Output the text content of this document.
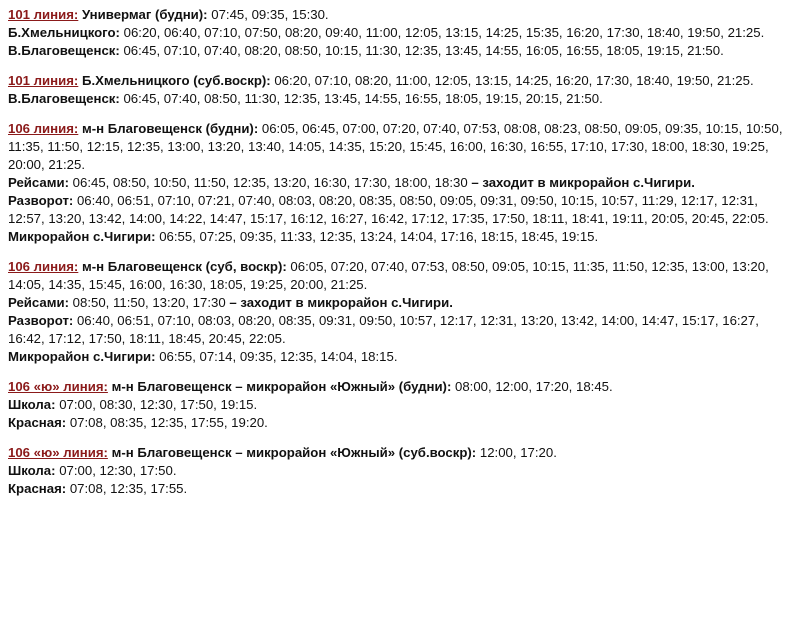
101 линия: Универмаг (будни): 07:45, 09:35, 15:30.

Б.Хмельницкого: 06:20, 06:40, 07:10, 07:50, 08:20, 09:40, 11:00, 12:05, 13:15, 14:25, 15:35, 16:20, 17:30, 18:40, 19:50, 21:25.

В.Благовещенск: 06:45, 07:10, 07:40, 08:20, 08:50, 10:15, 11:30, 12:35, 13:45, 14:55, 16:05, 16:55, 18:05, 19:15, 21:50.

101 линия: Б.Хмельницкого (суб.воскр): 06:20, 07:10, 08:20, 11:00, 12:05, 13:15, 14:25, 16:20, 17:30, 18:40, 19:50, 21:25.

В.Благовещенск: 06:45, 07:40, 08:50, 11:30, 12:35, 13:45, 14:55, 16:55, 18:05, 19:15, 20:15, 21:50.

106 линия: м-н Благовещенск (будни): 06:05, 06:45, 07:00, 07:20, 07:40, 07:53, 08:08, 08:23, 08:50, 09:05, 09:35, 10:15, 10:50, 11:35, 11:50, 12:15, 12:35, 13:00, 13:20, 13:40, 14:05, 14:35, 15:20, 15:45, 16:00, 16:30, 16:55, 17:10, 17:30, 18:00, 18:30, 19:25, 20:00, 21:25.

Рейсами: 06:45, 08:50, 10:50, 11:50, 12:35, 13:20, 16:30, 17:30, 18:00, 18:30 – заходит в микрорайон с.Чигири.

Разворот: 06:40, 06:51, 07:10, 07:21, 07:40, 08:03, 08:20, 08:35, 08:50, 09:05, 09:31, 09:50, 10:15, 10:57, 11:29, 12:17, 12:31, 12:57, 13:20, 13:42, 14:00, 14:22, 14:47, 15:17, 16:12, 16:27, 16:42, 17:12, 17:35, 17:50, 18:11, 18:41, 19:11, 20:05, 20:45, 22:05.

Микрорайон с.Чигири: 06:55, 07:25, 09:35, 11:33, 12:35, 13:24, 14:04, 17:16, 18:15, 18:45, 19:15.

106 линия: м-н Благовещенск (суб, воскр): 06:05, 07:20, 07:40, 07:53, 08:50, 09:05, 10:15, 11:35, 11:50, 12:35, 13:00, 13:20, 14:05, 14:35, 15:45, 16:00, 16:30, 18:05, 19:25, 20:00, 21:25.

Рейсами: 08:50, 11:50, 13:20, 17:30 – заходит в микрорайон с.Чигири.

Разворот: 06:40, 06:51, 07:10, 08:03, 08:20, 08:35, 09:31, 09:50, 10:57, 12:17, 12:31, 13:20, 13:42, 14:00, 14:47, 15:17, 16:27, 16:42, 17:12, 17:50, 18:11, 18:45, 20:45, 22:05.

Микрорайон с.Чигири: 06:55, 07:14, 09:35, 12:35, 14:04, 18:15.

106 «ю» линия: м-н Благовещенск – микрорайон «Южный» (будни): 08:00, 12:00, 17:20, 18:45.

Школа: 07:00, 08:30, 12:30, 17:50, 19:15.

Красная: 07:08, 08:35, 12:35, 17:55, 19:20.

106 «ю» линия: м-н Благовещенск – микрорайон «Южный» (суб.воскр): 12:00, 17:20.

Школа: 07:00, 12:30, 17:50.

Красная: 07:08, 12:35, 17:55.
